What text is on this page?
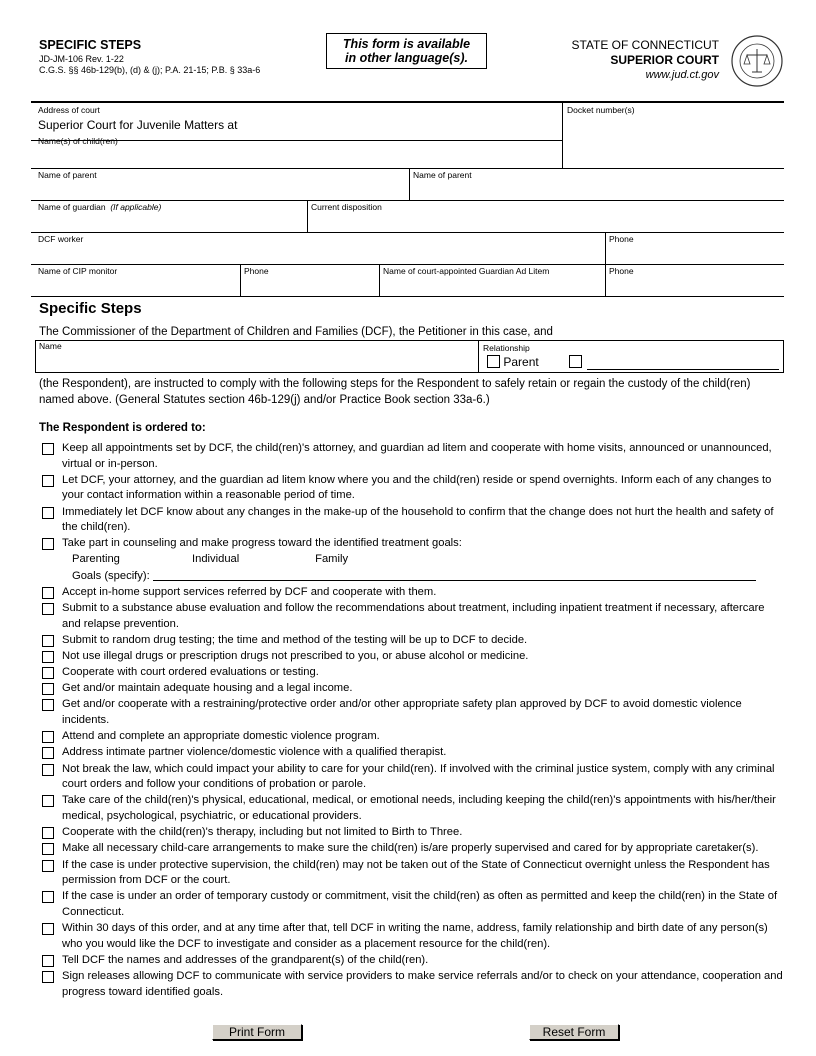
SPECIFIC STEPS
JD-JM-106 Rev. 1-22
C.G.S. §§ 46b-129(b), (d) & (j); P.A. 21-15; P.B. § 33a-6
This form is available
in other language(s).
STATE OF CONNECTICUT
SUPERIOR COURT
www.jud.ct.gov
Address of court
Superior Court for Juvenile Matters at
Docket number(s)
Name(s) of child(ren)
Name of parent	Name of parent
Name of guardian (If applicable)	Current disposition
DCF worker	Phone
Name of CIP monitor	Phone	Name of court-appointed Guardian Ad Litem	Phone
Specific Steps
The Commissioner of the Department of Children and Families (DCF), the Petitioner in this case, and
Name	Relationship
Parent
(the Respondent), are instructed to comply with the following steps for the Respondent to safely retain or regain the custody of the child(ren) named above. (General Statutes section 46b-129(j) and/or Practice Book section 33a-6.)
The Respondent is ordered to:
Keep all appointments set by DCF, the child(ren)'s attorney, and guardian ad litem and cooperate with home visits, announced or unannounced, virtual or in-person.
Let DCF, your attorney, and the guardian ad litem know where you and the child(ren) reside or spend overnights. Inform each of any changes to your contact information within a reasonable period of time.
Immediately let DCF know about any changes in the make-up of the household to confirm that the change does not hurt the health and safety of the child(ren).
Take part in counseling and make progress toward the identified treatment goals:
Parenting	Individual	Family

Goals (specify):
Accept in-home support services referred by DCF and cooperate with them.
Submit to a substance abuse evaluation and follow the recommendations about treatment, including inpatient treatment if necessary, aftercare and relapse prevention.
Submit to random drug testing; the time and method of the testing will be up to DCF to decide.
Not use illegal drugs or prescription drugs not prescribed to you, or abuse alcohol or medicine.
Cooperate with court ordered evaluations or testing.
Get and/or maintain adequate housing and a legal income.
Get and/or cooperate with a restraining/protective order and/or other appropriate safety plan approved by DCF to avoid domestic violence incidents.
Attend and complete an appropriate domestic violence program.
Address intimate partner violence/domestic violence with a qualified therapist.
Not break the law, which could impact your ability to care for your child(ren). If involved with the criminal justice system, comply with any criminal court orders and follow your conditions of probation or parole.
Take care of the child(ren)'s physical, educational, medical, or emotional needs, including keeping the child(ren)'s appointments with his/her/their medical, psychological, psychiatric, or educational providers.
Cooperate with the child(ren)'s therapy, including but not limited to Birth to Three.
Make all necessary child-care arrangements to make sure the child(ren) is/are properly supervised and cared for by appropriate caretaker(s).
If the case is under protective supervision, the child(ren) may not be taken out of the State of Connecticut overnight unless the Respondent has permission from DCF or the court.
If the case is under an order of temporary custody or commitment, visit the child(ren) as often as permitted and keep the child(ren) in the State of Connecticut.
Within 30 days of this order, and at any time after that, tell DCF in writing the name, address, family relationship and birth date of any person(s) who you would like the DCF to investigate and consider as a placement resource for the child(ren).
Tell DCF the names and addresses of the grandparent(s) of the child(ren).
Sign releases allowing DCF to communicate with service providers to make service referrals and/or to check on your attendance, cooperation and progress toward identified goals.
Print Form	Reset Form
